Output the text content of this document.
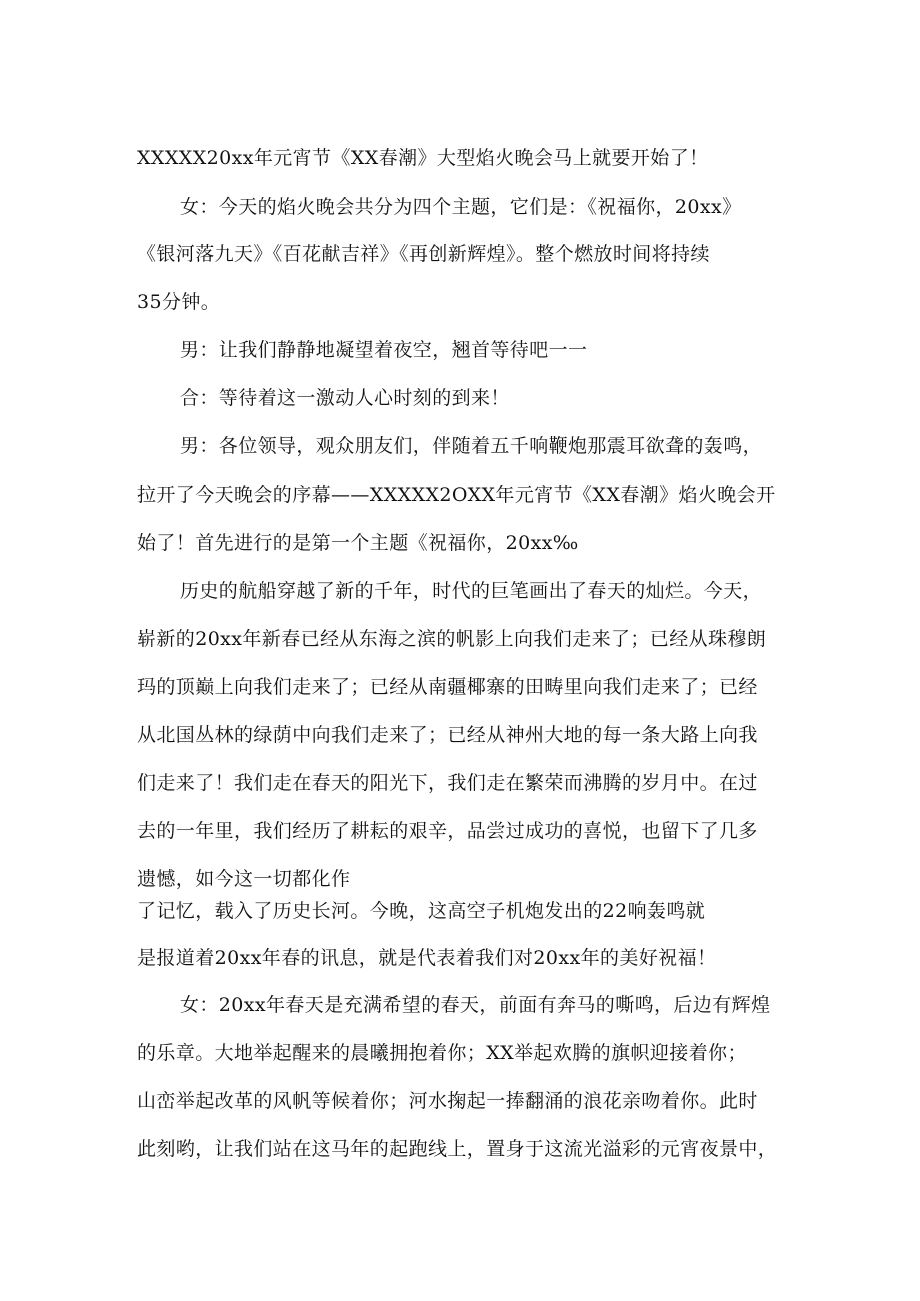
XXXXX20xx年元宵节《XX春潮》大型焰火晚会马上就要开始了！
女：今天的焰火晚会共分为四个主题，它们是：《祝福你，20xx》
《银河落九天》《百花献吉祥》《再创新辉煌》。整个燃放时间将持续
35分钟。
男：让我们静静地凝望着夜空，翘首等待吧一一
合：等待着这一激动人心时刻的到来！
男：各位领导，观众朋友们，伴随着五千响鞭炮那震耳欲聋的轰鸣，
拉开了今天晚会的序幕——XXXXX2OXX年元宵节《XX春潮》焰火晚会开
始了！首先进行的是第一个主题《祝福你，20xx‰
历史的航船穿越了新的千年，时代的巨笔画出了春天的灿烂。今天，
崭新的20xx年新春已经从东海之滨的帆影上向我们走来了；已经从珠穆朗
玛的顶巅上向我们走来了；已经从南疆椰寨的田畴里向我们走来了；已经
从北国丛林的绿荫中向我们走来了；已经从神州大地的每一条大路上向我
们走来了！我们走在春天的阳光下，我们走在繁荣而沸腾的岁月中。在过
去的一年里，我们经历了耕耘的艰辛，品尝过成功的喜悦，也留下了几多
遗憾，如今这一切都化作
了记忆，载入了历史长河。今晚，这高空子机炮发出的22响轰鸣就
是报道着20xx年春的讯息，就是代表着我们对20xx年的美好祝福！
女：20xx年春天是充满希望的春天，前面有奔马的嘶鸣，后边有辉煌
的乐章。大地举起醒来的晨曦拥抱着你；XX举起欢腾的旗帜迎接着你；
山峦举起改革的风帆等候着你；河水掬起一捧翻涌的浪花亲吻着你。此时
此刻哟，让我们站在这马年的起跑线上，置身于这流光溢彩的元宵夜景中，
